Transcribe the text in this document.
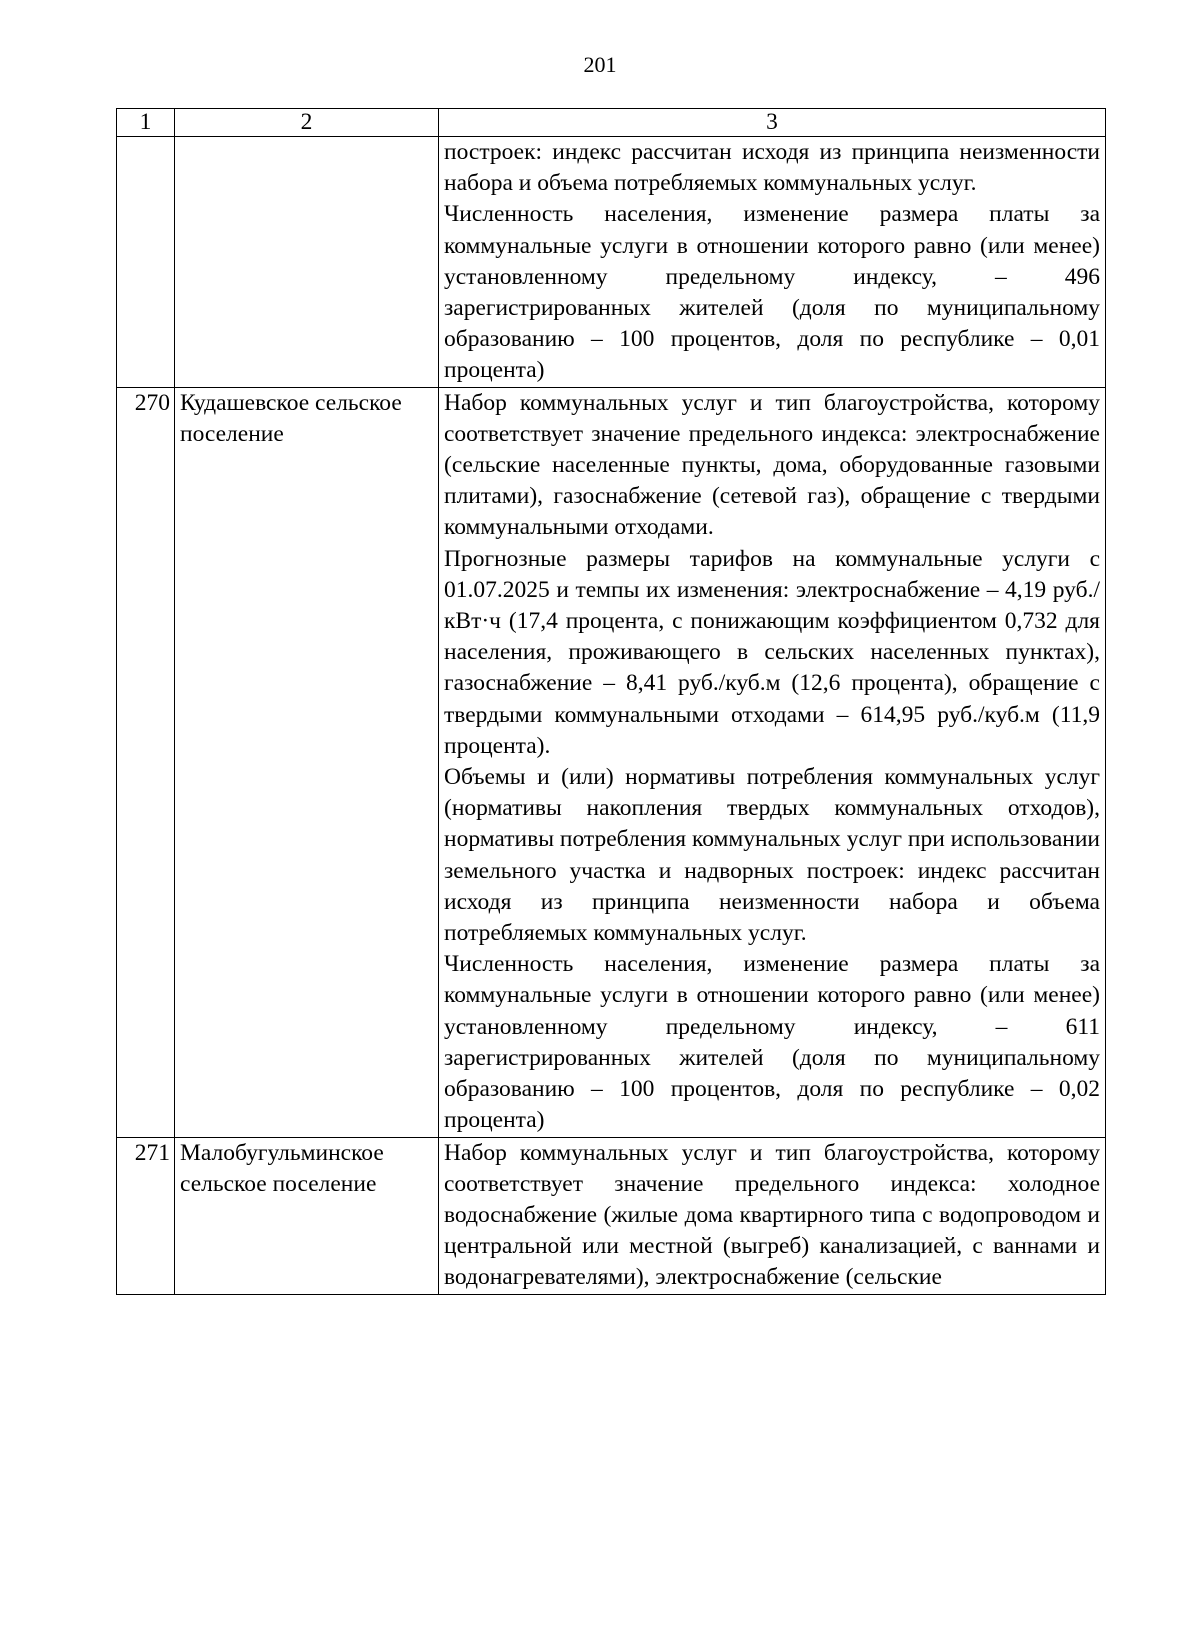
201
1	2	3

		построек: индекс рассчитан исходя из принципа неизменности набора и объема потребляемых коммунальных услуг.

Численность населения, изменение размера платы за коммунальные услуги в отношении которого равно (или менее) установленному предельному индексу, – 496 зарегистрированных жителей (доля по муниципальному образованию – 100 процентов, доля по республике – 0,01 процента)

270	Кудашевское сельское поселение	Набор коммунальных услуг и тип благоустройства, которому соответствует значение предельного индекса: электроснабжение (сельские населенные пункты, дома, оборудованные газовыми плитами), газоснабжение (сетевой газ), обращение с твердыми коммунальными отходами.

Прогнозные размеры тарифов на коммунальные услуги с 01.07.2025 и темпы их изменения: электроснабжение – 4,19 руб./кВт·ч (17,4 процента, с понижающим коэффициентом 0,732 для населения, проживающего в сельских населенных пунктах), газоснабжение – 8,41 руб./куб.м (12,6 процента), обращение с твердыми коммунальными отходами – 614,95 руб./куб.м (11,9 процента).

Объемы и (или) нормативы потребления коммунальных услуг (нормативы накопления твердых коммунальных отходов), нормативы потребления коммунальных услуг при использовании земельного участка и надворных построек: индекс рассчитан исходя из принципа неизменности набора и объема потребляемых коммунальных услуг.

Численность населения, изменение размера платы за коммунальные услуги в отношении которого равно (или менее) установленному предельному индексу, – 611 зарегистрированных жителей (доля по муниципальному образованию – 100 процентов, доля по республике – 0,02 процента)

271	Малобугульминское сельское поселение	Набор коммунальных услуг и тип благоустройства, которому соответствует значение предельного индекса: холодное водоснабжение (жилые дома квартирного типа с водопроводом и центральной или местной (выгреб) канализацией, с ваннами и водонагревателями), электроснабжение (сельские
